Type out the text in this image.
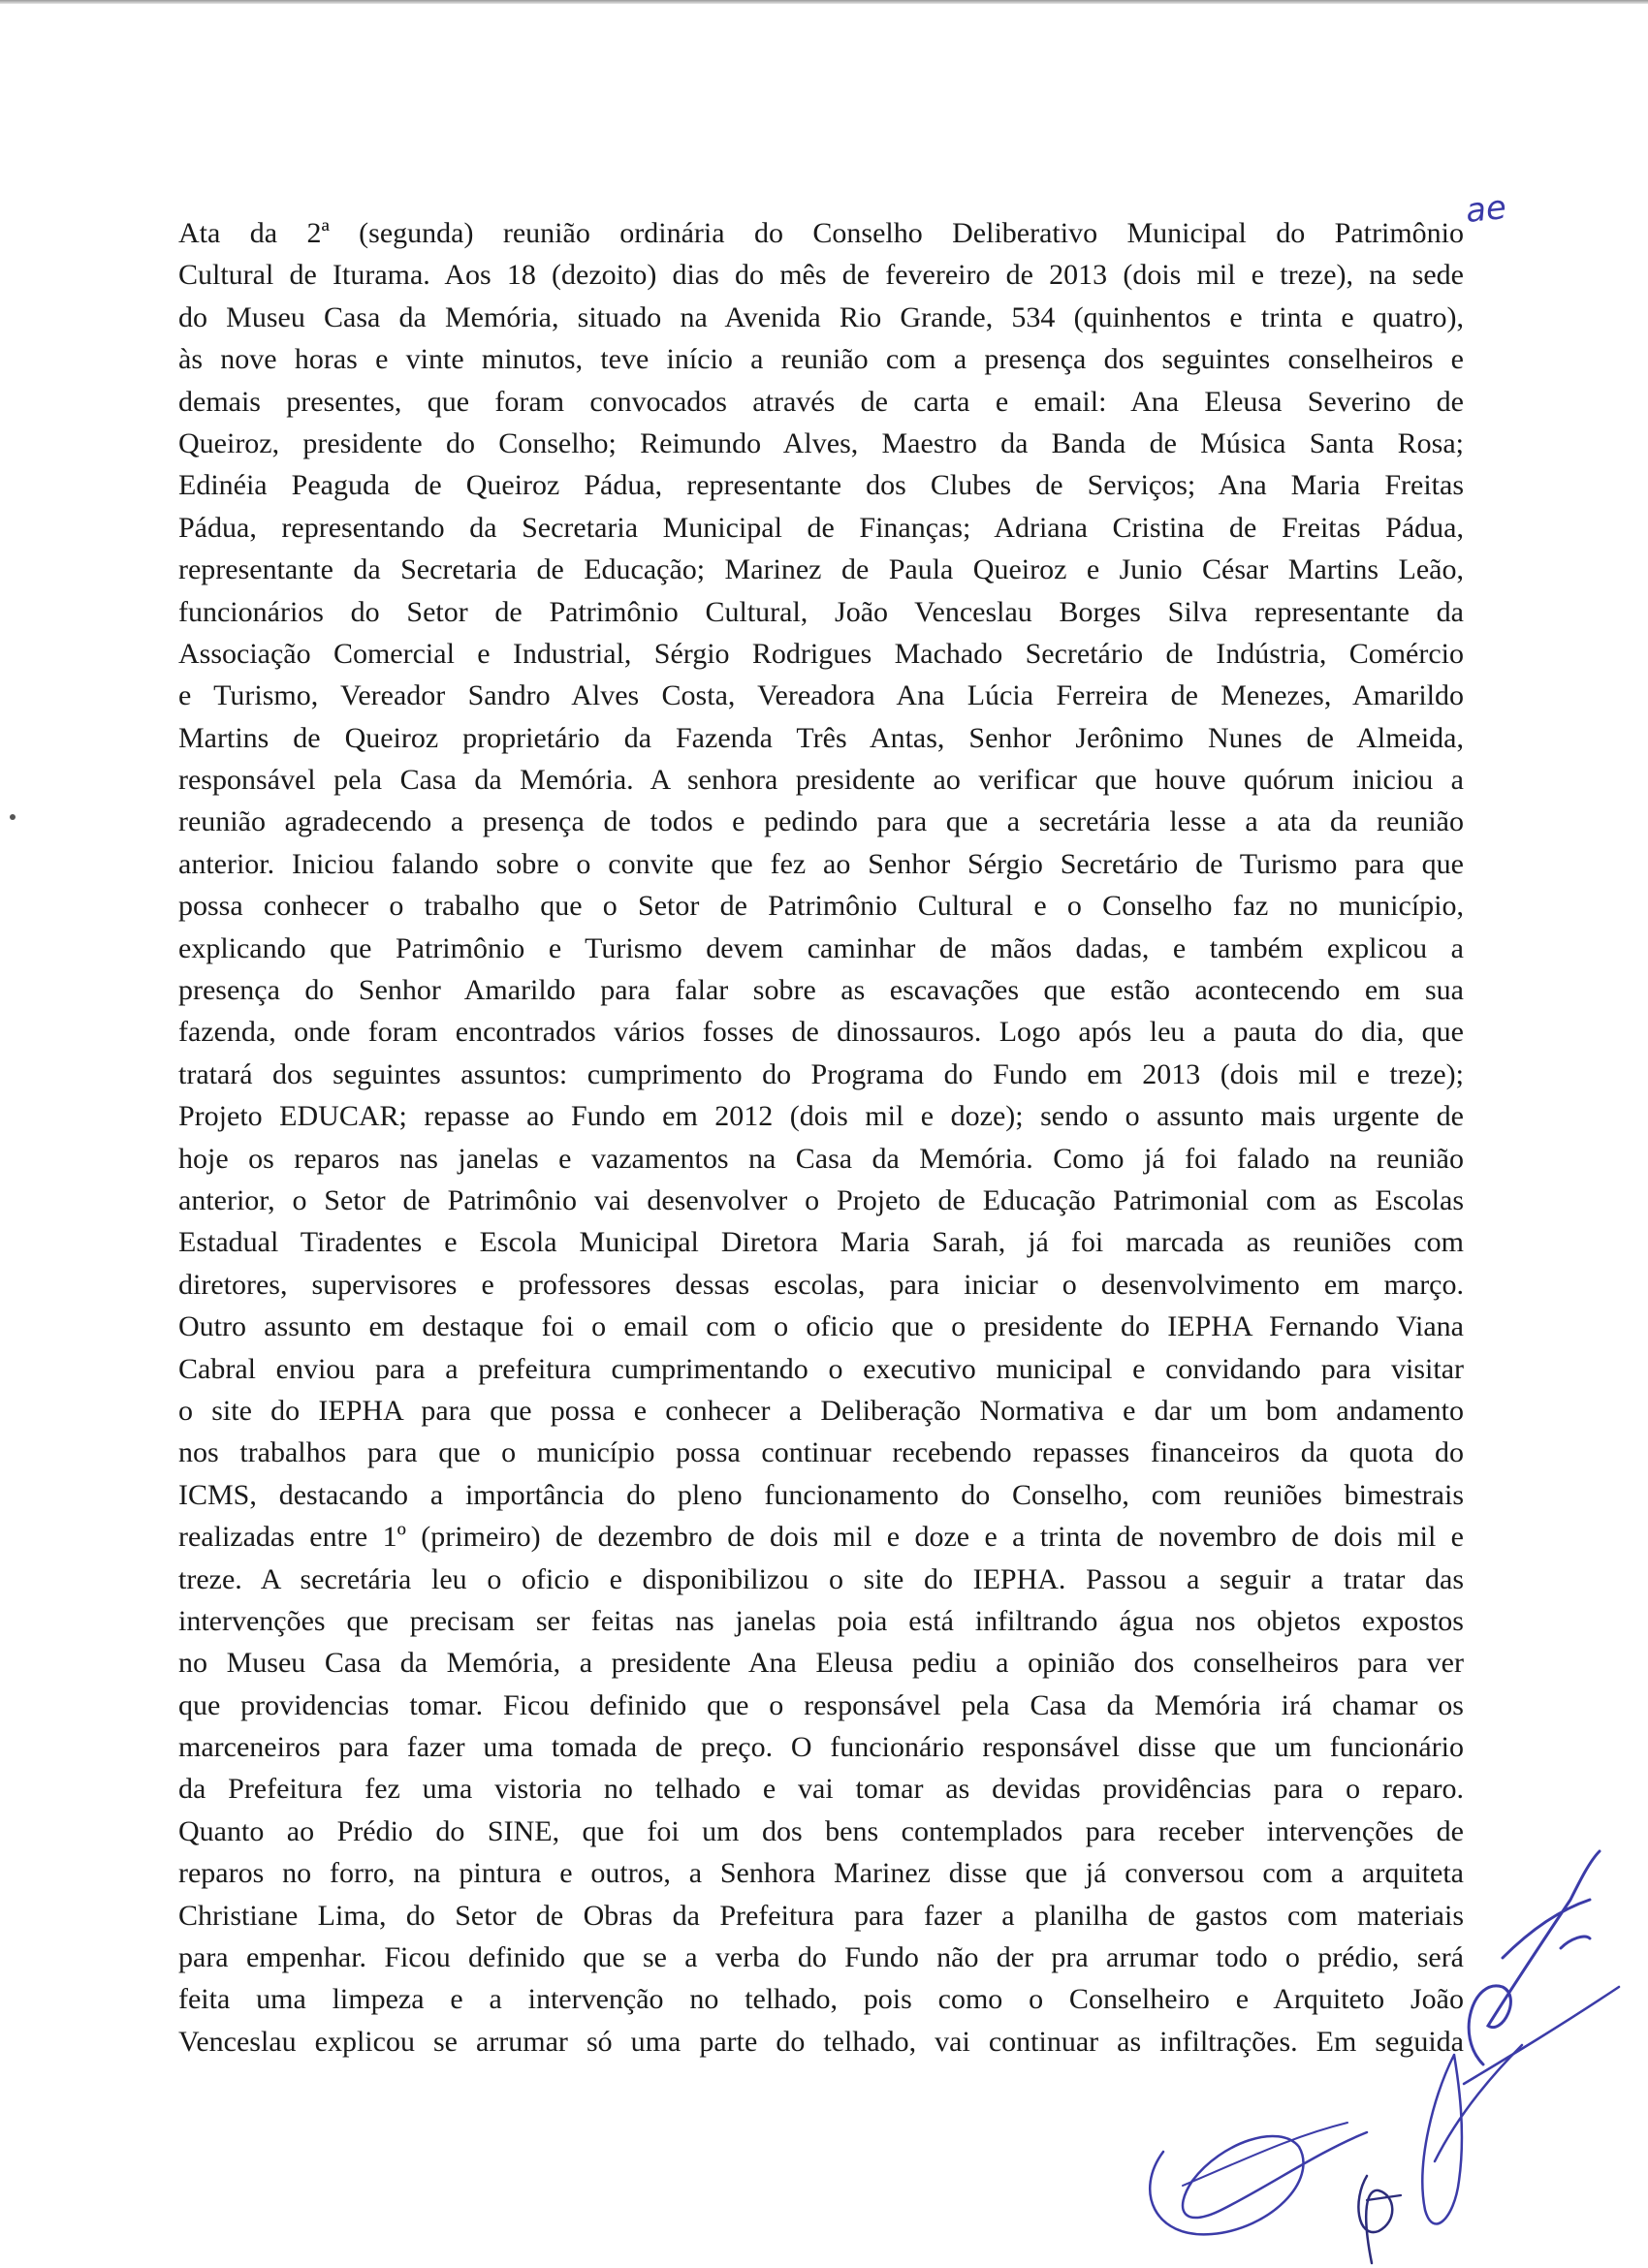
ae
Ata da 2ª (segunda) reunião ordinária do Conselho Deliberativo Municipal do Patrimônio
Cultural de Iturama. Aos 18 (dezoito) dias do mês de fevereiro de 2013 (dois mil e treze), na sede
do Museu Casa da Memória, situado na Avenida Rio Grande, 534 (quinhentos e trinta e quatro),
às nove horas e vinte minutos, teve início a reunião com a presença dos seguintes conselheiros e
demais presentes, que foram convocados através de carta e email: Ana Eleusa Severino de
Queiroz, presidente do Conselho; Reimundo Alves, Maestro da Banda de Música Santa Rosa;
Edinéia Peaguda de Queiroz Pádua, representante dos Clubes de Serviços; Ana Maria Freitas
Pádua, representando da Secretaria Municipal de Finanças; Adriana Cristina de Freitas Pádua,
representante da Secretaria de Educação; Marinez de Paula Queiroz e Junio César Martins Leão,
funcionários do Setor de Patrimônio Cultural, João Venceslau Borges Silva representante da
Associação Comercial e Industrial, Sérgio Rodrigues Machado Secretário de Indústria, Comércio
e Turismo, Vereador Sandro Alves Costa, Vereadora Ana Lúcia Ferreira de Menezes, Amarildo
Martins de Queiroz proprietário da Fazenda Três Antas, Senhor Jerônimo Nunes de Almeida,
responsável pela Casa da Memória. A senhora presidente ao verificar que houve quórum iniciou a
reunião agradecendo a presença de todos e pedindo para que a secretária lesse a ata da reunião
anterior. Iniciou falando sobre o convite que fez ao Senhor Sérgio Secretário de Turismo para que
possa conhecer o trabalho que o Setor de Patrimônio Cultural e o Conselho faz no município,
explicando que Patrimônio e Turismo devem caminhar de mãos dadas, e também explicou a
presença do Senhor Amarildo para falar sobre as escavações que estão acontecendo em sua
fazenda, onde foram encontrados vários fosses de dinossauros. Logo após leu a pauta do dia, que
tratará dos seguintes assuntos: cumprimento do Programa do Fundo em 2013 (dois mil e treze);
Projeto EDUCAR; repasse ao Fundo em 2012 (dois mil e doze); sendo o assunto mais urgente de
hoje os reparos nas janelas e vazamentos na Casa da Memória. Como já foi falado na reunião
anterior, o Setor de Patrimônio vai desenvolver o Projeto de Educação Patrimonial com as Escolas
Estadual Tiradentes e Escola Municipal Diretora Maria Sarah, já foi marcada as reuniões com
diretores, supervisores e professores dessas escolas, para iniciar o desenvolvimento em março.
Outro assunto em destaque foi o email com o oficio que o presidente do IEPHA Fernando Viana
Cabral enviou para a prefeitura cumprimentando o executivo municipal e convidando para visitar
o site do IEPHA para que possa e conhecer a Deliberação Normativa e dar um bom andamento
nos trabalhos para que o município possa continuar recebendo repasses financeiros da quota do
ICMS, destacando a importância do pleno funcionamento do Conselho, com reuniões bimestrais
realizadas entre 1º (primeiro) de dezembro de dois mil e doze e a trinta de novembro de dois mil e
treze. A secretária leu o oficio e disponibilizou o site do IEPHA. Passou a seguir a tratar das
intervenções que precisam ser feitas nas janelas poia está infiltrando água nos objetos expostos
no Museu Casa da Memória, a presidente Ana Eleusa pediu a opinião dos conselheiros para ver
que providencias tomar. Ficou definido que o responsável pela Casa da Memória irá chamar os
marceneiros para fazer uma tomada de preço. O funcionário responsável disse que um funcionário
da Prefeitura fez uma vistoria no telhado e vai tomar as devidas providências para o reparo.
Quanto ao Prédio do SINE, que foi um dos bens contemplados para receber intervenções de
reparos no forro, na pintura e outros, a Senhora Marinez disse que já conversou com a arquiteta
Christiane Lima, do Setor de Obras da Prefeitura para fazer a planilha de gastos com materiais
para empenhar. Ficou definido que se a verba do Fundo não der pra arrumar todo o prédio, será
feita uma limpeza e a intervenção no telhado, pois como o Conselheiro e Arquiteto João
Venceslau explicou se arrumar só uma parte do telhado, vai continuar as infiltrações. Em seguida
